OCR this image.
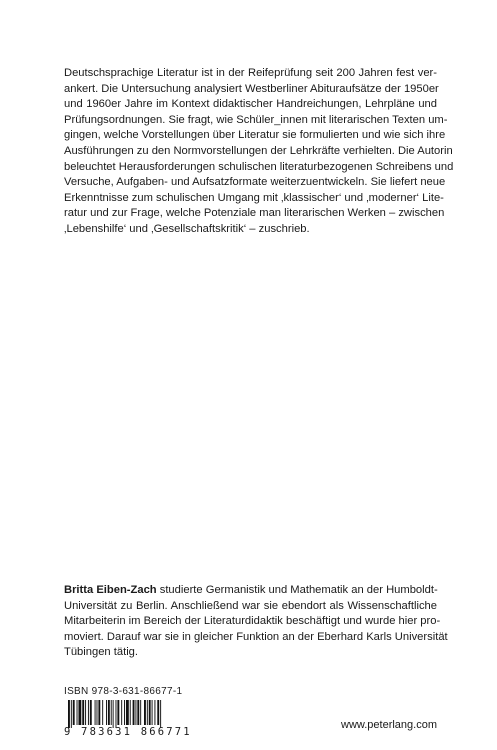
Deutschsprachige Literatur ist in der Reifeprüfung seit 200 Jahren fest ver-
ankert. Die Untersuchung analysiert Westberliner Abituraufsätze der 1950er
und 1960er Jahre im Kontext didaktischer Handreichungen, Lehrpläne und
Prüfungsordnungen. Sie fragt, wie Schüler_innen mit literarischen Texten um-
gingen, welche Vorstellungen über Literatur sie formulierten und wie sich ihre
Ausführungen zu den Normvorstellungen der Lehrkräfte verhielten. Die Autorin
beleuchtet Herausforderungen schulischen literaturbezogenen Schreibens und
Versuche, Aufgaben- und Aufsatzformate weiterzuentwickeln. Sie liefert neue
Erkenntnisse zum schulischen Umgang mit ‚klassischer‘ und ‚moderner‘ Lite-
ratur und zur Frage, welche Potenziale man literarischen Werken – zwischen
‚Lebenshilfe‘ und ‚Gesellschaftskritik‘ – zuschrieb.
Britta Eiben-Zach studierte Germanistik und Mathematik an der Humboldt-
Universität zu Berlin. Anschließend war sie ebendort als Wissenschaftliche
Mitarbeiterin im Bereich der Literaturdidaktik beschäftigt und wurde hier pro-
moviert. Darauf war sie in gleicher Funktion an der Eberhard Karls Universität
Tübingen tätig.
ISBN 978-3-631-86677-1
9 783631 866771
www.peterlang.com
